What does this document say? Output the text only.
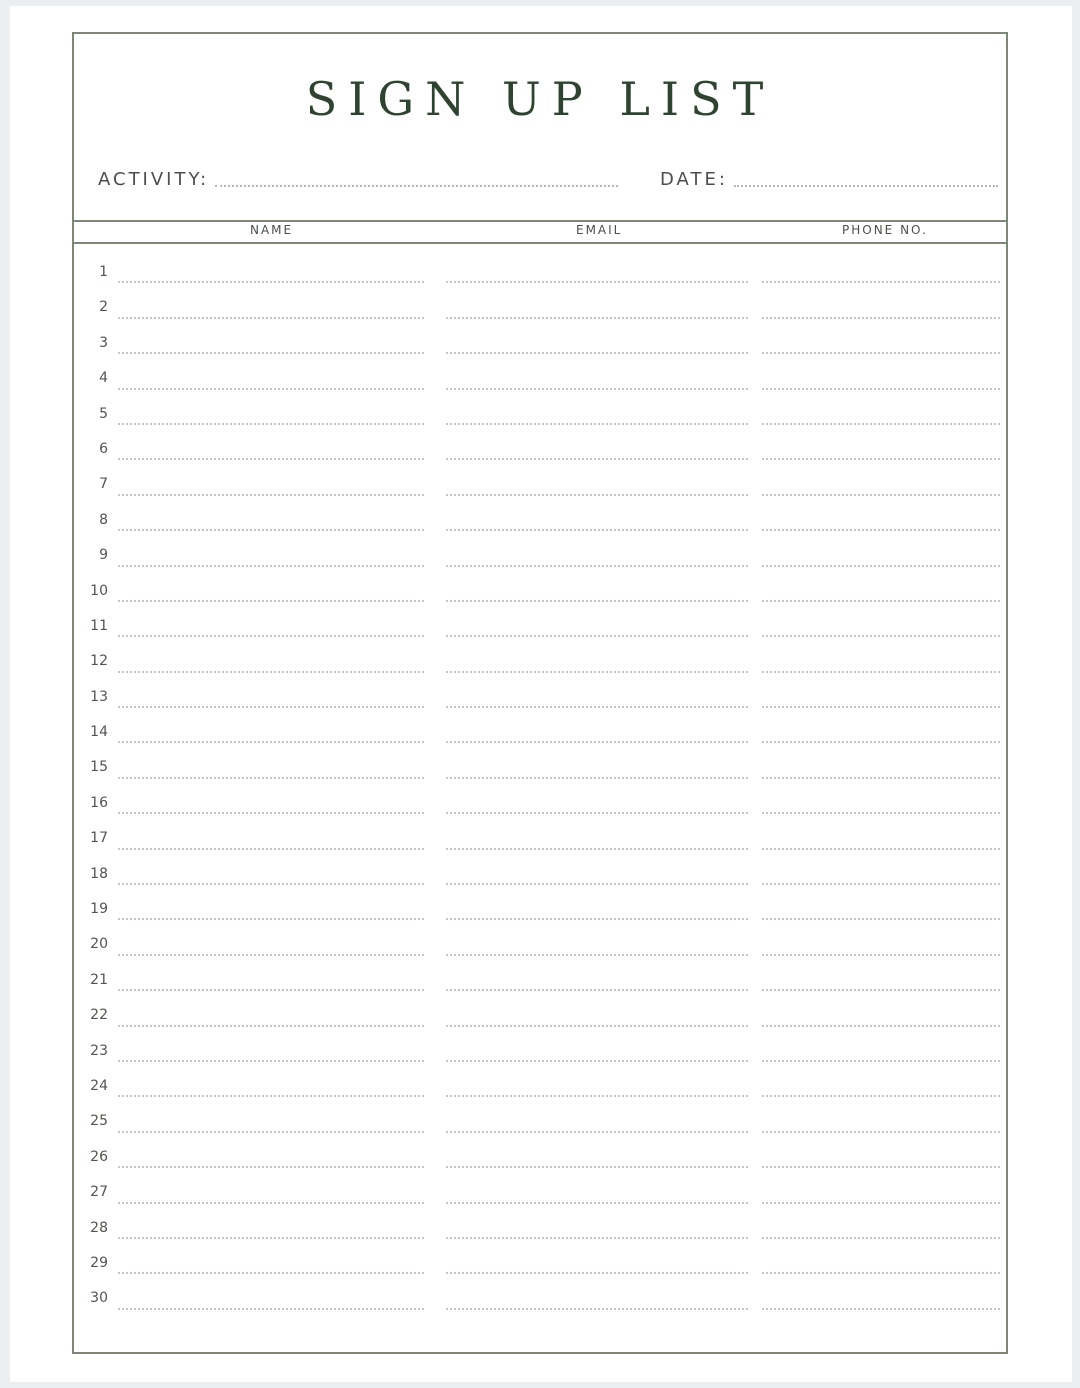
SIGN UP LIST
ACTIVITY:	DATE:
NAME	EMAIL	PHONE NO.
1
2
3
4
5
6
7
8
9
10
11
12
13
14
15
16
17
18
19
20
21
22
23
24
25
26
27
28
29
30
